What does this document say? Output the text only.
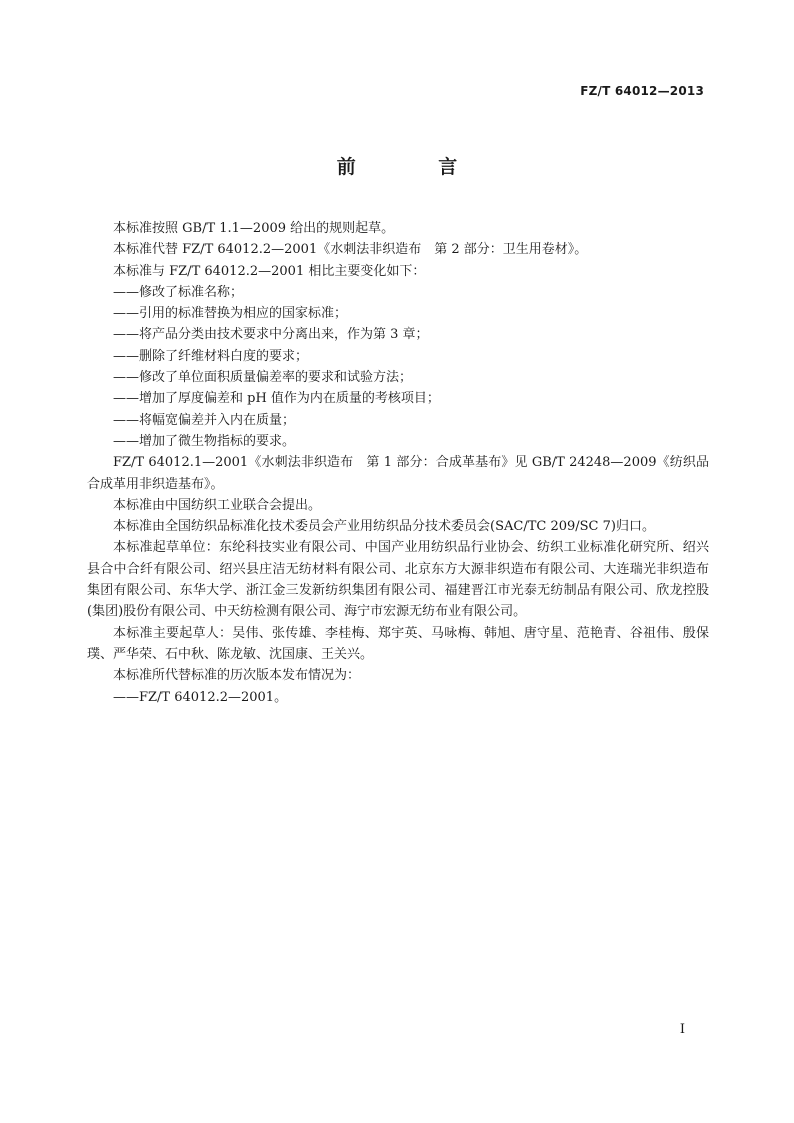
FZ/T 64012—2013
前 言

本标准按照 GB/T 1.1—2009 给出的规则起草。

本标准代替 FZ/T 64012.2—2001《水刺法非织造布　第 2 部分：卫生用卷材》。

本标准与 FZ/T 64012.2—2001 相比主要变化如下：

——修改了标准名称；

——引用的标准替换为相应的国家标准；

——将产品分类由技术要求中分离出来，作为第 3 章；

——删除了纤维材料白度的要求；

——修改了单位面积质量偏差率的要求和试验方法；

——增加了厚度偏差和 pH 值作为内在质量的考核项目；

——将幅宽偏差并入内在质量；

——增加了微生物指标的要求。

FZ/T 64012.1—2001《水刺法非织造布　第 1 部分：合成革基布》见 GB/T 24248—2009《纺织品 合成革用非织造基布》。

本标准由中国纺织工业联合会提出。

本标准由全国纺织品标准化技术委员会产业用纺织品分技术委员会(SAC/TC 209/SC 7)归口。

本标准起草单位：东纶科技实业有限公司、中国产业用纺织品行业协会、纺织工业标准化研究所、绍兴县合中合纤有限公司、绍兴县庄洁无纺材料有限公司、北京东方大源非织造布有限公司、大连瑞光非织造布集团有限公司、东华大学、浙江金三发新纺织集团有限公司、福建晋江市光泰无纺制品有限公司、欣龙控股(集团)股份有限公司、中天纺检测有限公司、海宁市宏源无纺布业有限公司。

本标准主要起草人：吴伟、张传雄、李桂梅、郑宇英、马咏梅、韩旭、唐守星、范艳青、谷祖伟、殷保璞、严华荣、石中秋、陈龙敏、沈国康、王关兴。

本标准所代替标准的历次版本发布情况为：

——FZ/T 64012.2—2001。

I
